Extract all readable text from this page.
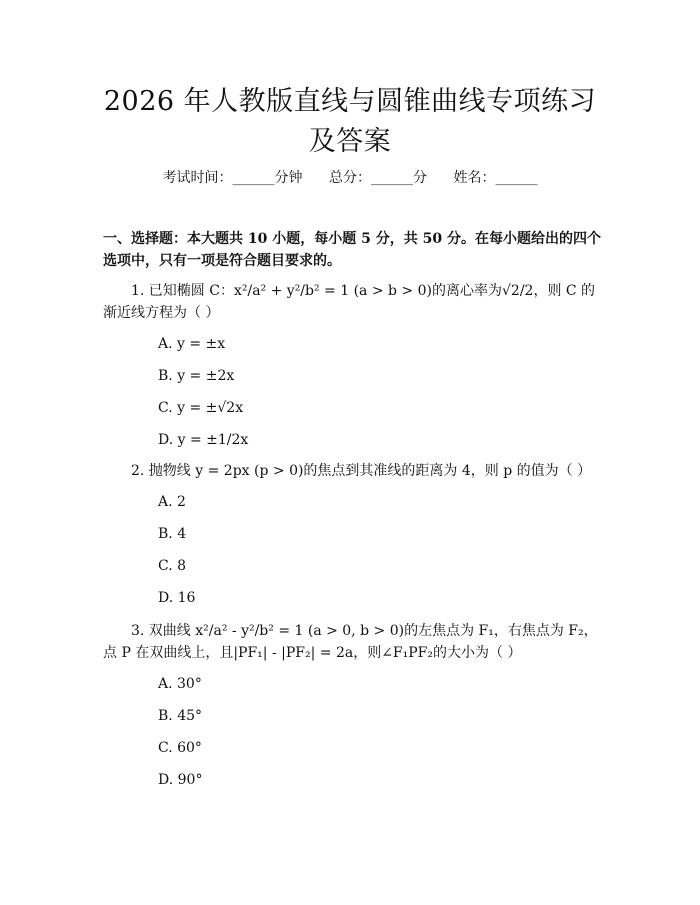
2026 年人教版直线与圆锥曲线专项练习及答案
考试时间：______分钟 总分：______分 姓名：______

一、选择题：本大题共 10 小题，每小题 5 分，共 50 分。在每小题给出的四个选项中，只有一项是符合题目要求的。

1. 已知椭圆 C：x²/a² + y²/b² = 1 (a > b > 0)的离心率为√2/2，则 C 的渐近线方程为（ ）

A. y = ±x

B. y = ±2x

C. y = ±√2x

D. y = ±1/2x

2. 抛物线 y = 2px (p > 0)的焦点到其准线的距离为 4，则 p 的值为（ ）

A. 2

B. 4

C. 8

D. 16

3. 双曲线 x²/a² - y²/b² = 1 (a > 0, b > 0)的左焦点为 F₁，右焦点为 F₂，点 P 在双曲线上，且|PF₁| - |PF₂| = 2a，则∠F₁PF₂的大小为（ ）

A. 30°

B. 45°

C. 60°

D. 90°
